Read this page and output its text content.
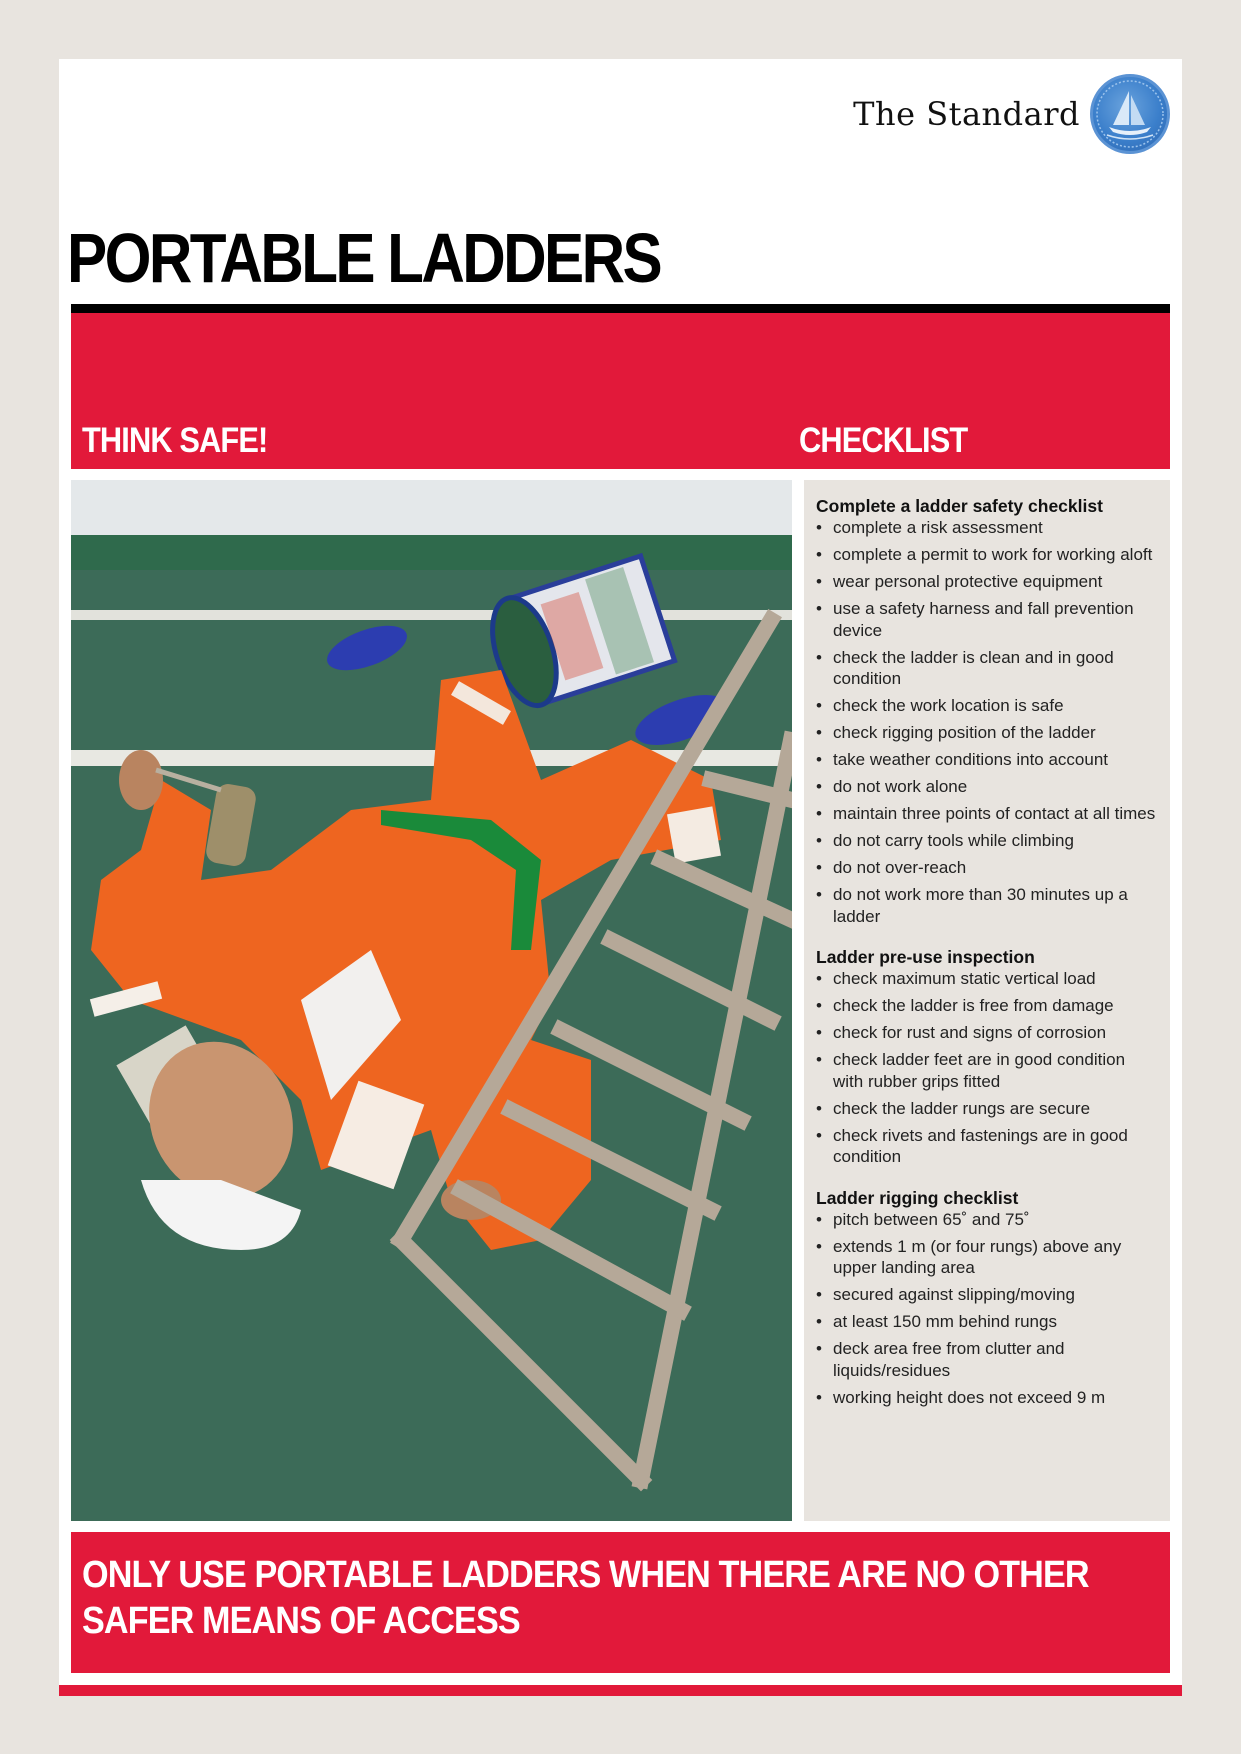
The Standard
PORTABLE LADDERS
THINK SAFE!	CHECKLIST

Complete a ladder safety checklist

• complete a risk assessment
• complete a permit to work for working aloft
• wear personal protective equipment
• use a safety harness and fall prevention device
• check the ladder is clean and in good condition
• check the work location is safe
• check rigging position of the ladder
• take weather conditions into account
• do not work alone
• maintain three points of contact at all times
• do not carry tools while climbing
• do not over-reach
• do not work more than 30 minutes up a ladder

Ladder pre-use inspection

• check maximum static vertical load
• check the ladder is free from damage
• check for rust and signs of corrosion
• check ladder feet are in good condition with rubber grips fitted
• check the ladder rungs are secure
• check rivets and fastenings are in good condition

Ladder rigging checklist

• pitch between 65˚ and 75˚
• extends 1 m (or four rungs) above any upper landing area
• secured against slipping/moving
• at least 150 mm behind rungs
• deck area free from clutter and liquids/residues
• working height does not exceed 9 m

ONLY USE PORTABLE LADDERS WHEN THERE ARE NO OTHER SAFER MEANS OF ACCESS
